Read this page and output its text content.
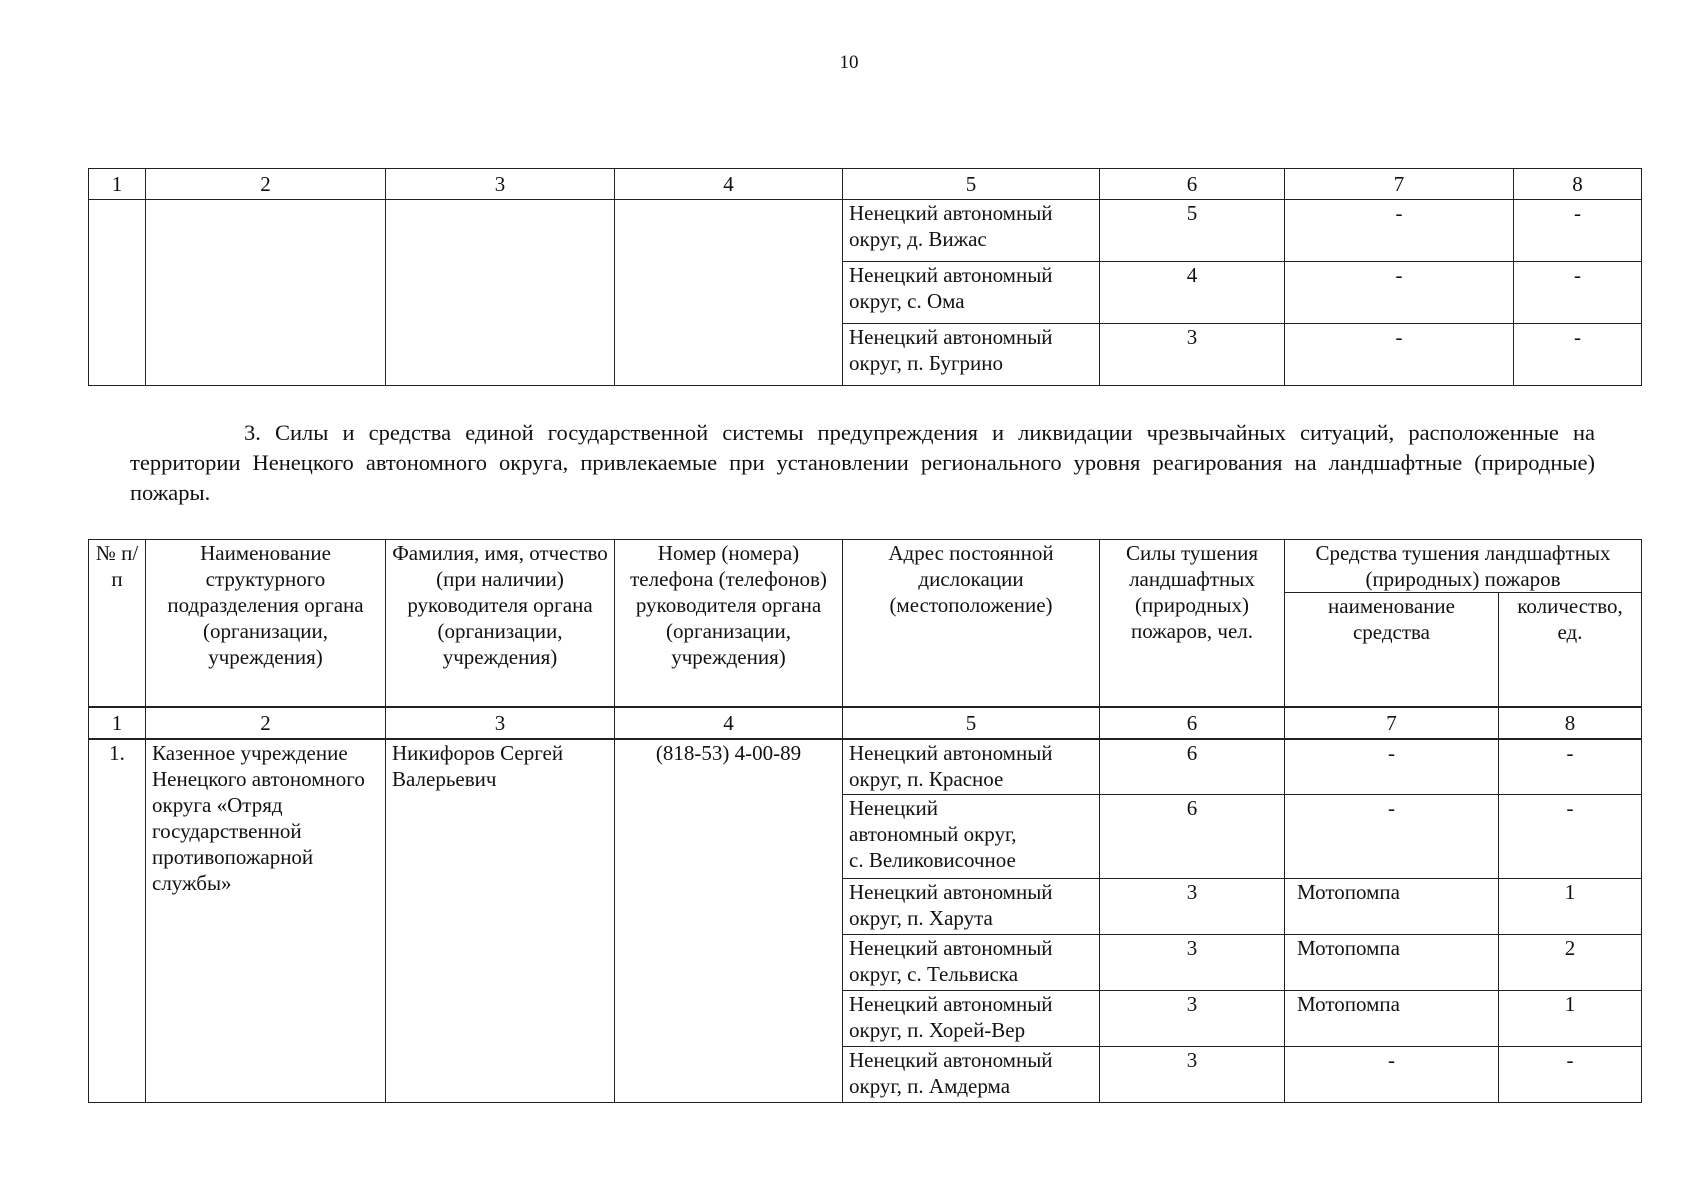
10
1	2	3	4	5	6	7	8
				Ненецкий автономный округ, д. Вижас	5	-	-
				Ненецкий автономный округ, с. Ома	4	-	-
				Ненецкий автономный округ, п. Бугрино	3	-	-
3. Силы и средства единой государственной системы предупреждения и ликвидации чрезвычайных ситуаций, расположенные на территории Ненецкого автономного округа, привлекаемые при установлении регионального уровня реагирования на ландшафтные (природные) пожары.
№ п/п	Наименование структурного подразделения органа (организации, учреждения)	Фамилия, имя, отчество (при наличии) руководителя органа (организации, учреждения)	Номер (номера) телефона (телефонов) руководителя органа (организации, учреждения)	Адрес постоянной дислокации (местоположение)	Силы тушения ландшафтных (природных) пожаров, чел.	Средства тушения ландшафтных (природных) пожаров	
						наименование средства	количество, ед.
1	2	3	4	5	6	7	8
1.	Казенное учреждение Ненецкого автономного округа «Отряд государственной противопожарной службы»	Никифоров Сергей Валерьевич	(818-53) 4-00-89	Ненецкий автономный округ, п. Красное	6	-	-
				Ненецкий автономный округ, с. Великовисочное	6	-	-
				Ненецкий автономный округ, п. Харута	3	Мотопомпа	1
				Ненецкий автономный округ, с. Тельвиска	3	Мотопомпа	2
				Ненецкий автономный округ, п. Хорей-Вер	3	Мотопомпа	1
				Ненецкий автономный округ, п. Амдерма	3	-	-
